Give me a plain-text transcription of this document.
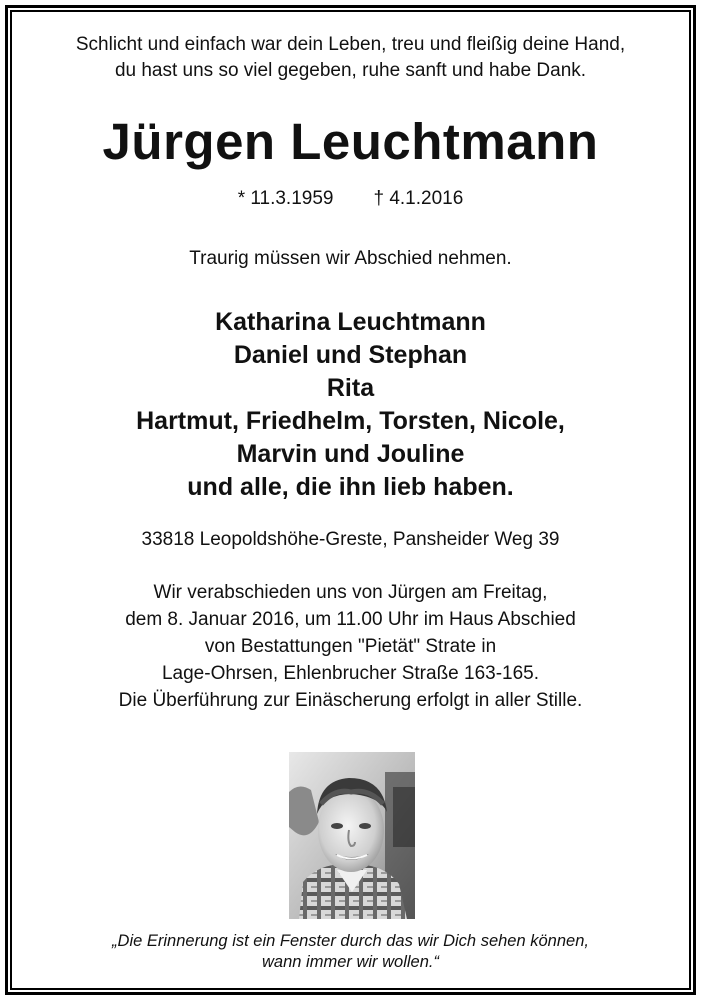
Schlicht und einfach war dein Leben, treu und fleißig deine Hand,
du hast uns so viel gegeben, ruhe sanft und habe Dank.
Jürgen Leuchtmann
* 11.3.1959 † 4.1.2016
Traurig müssen wir Abschied nehmen.
Katharina Leuchtmann
Daniel und Stephan
Rita
Hartmut, Friedhelm, Torsten, Nicole,
Marvin und Jouline
und alle, die ihn lieb haben.
33818 Leopoldshöhe-Greste, Pansheider Weg 39
Wir verabschieden uns von Jürgen am Freitag,
dem 8. Januar 2016, um 11.00 Uhr im Haus Abschied
von Bestattungen "Pietät" Strate in
Lage-Ohrsen, Ehlenbrucher Straße 163-165.
Die Überführung zur Einäscherung erfolgt in aller Stille.
„Die Erinnerung ist ein Fenster durch das wir Dich sehen können,
wann immer wir wollen.“
